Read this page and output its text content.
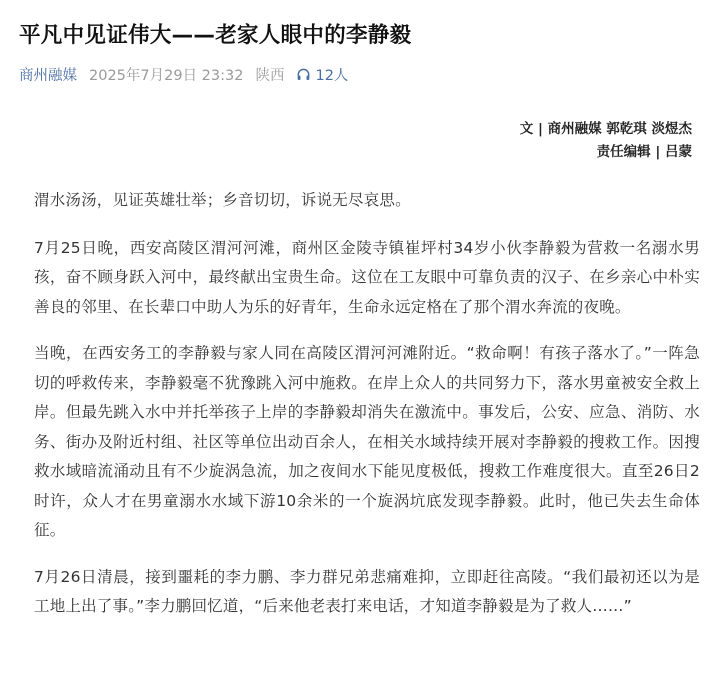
平凡中见证伟大——老家人眼中的李静毅
商州融媒 2025年7月29日 23:32 陕西 12人
文 | 商州融媒 郭乾琪 淡煜杰
责任编辑 | 吕蒙

渭水汤汤，见证英雄壮举；乡音切切，诉说无尽哀思。

7月25日晚，西安高陵区渭河河滩，商州区金陵寺镇崔坪村34岁小伙李静毅为营救一名溺水男孩，奋不顾身跃入河中，最终献出宝贵生命。这位在工友眼中可靠负责的汉子、在乡亲心中朴实善良的邻里、在长辈口中助人为乐的好青年，生命永远定格在了那个渭水奔流的夜晚。

当晚，在西安务工的李静毅与家人同在高陵区渭河河滩附近。“救命啊！有孩子落水了。”一阵急切的呼救传来，李静毅毫不犹豫跳入河中施救。在岸上众人的共同努力下，落水男童被安全救上岸。但最先跳入水中并托举孩子上岸的李静毅却消失在激流中。事发后，公安、应急、消防、水务、街办及附近村组、社区等单位出动百余人，在相关水域持续开展对李静毅的搜救工作。因搜救水域暗流涌动且有不少旋涡急流，加之夜间水下能见度极低，搜救工作难度很大。直至26日2时许，众人才在男童溺水水域下游10余米的一个旋涡坑底发现李静毅。此时，他已失去生命体征。

7月26日清晨，接到噩耗的李力鹏、李力群兄弟悲痛难抑，立即赶往高陵。“我们最初还以为是工地上出了事。”李力鹏回忆道，“后来他老表打来电话，才知道李静毅是为了救人……”
